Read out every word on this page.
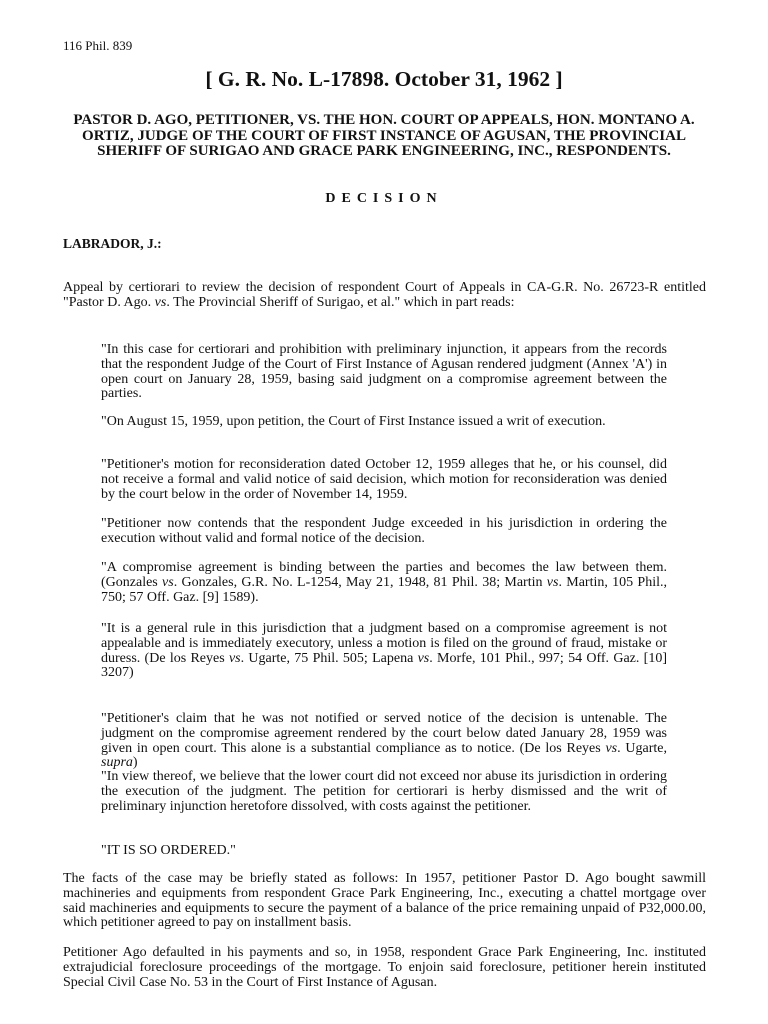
116 Phil. 839
[ G. R. No. L-17898. October 31, 1962 ]
PASTOR D. AGO, PETITIONER, VS. THE HON. COURT OP APPEALS, HON. MONTANO A. ORTIZ, JUDGE OF THE COURT OF FIRST INSTANCE OF AGUSAN, THE PROVINCIAL SHERIFF OF SURIGAO AND GRACE PARK ENGINEERING, INC., RESPONDENTS.
DECISION
LABRADOR, J.:

Appeal by certiorari to review the decision of respondent Court of Appeals in CA-G.R. No. 26723-R entitled "Pastor D. Ago. vs. The Provincial Sheriff of Surigao, et al." which in part reads:

"In this case for certiorari and prohibition with preliminary injunction, it appears from the records that the respondent Judge of the Court of First Instance of Agusan rendered judgment (Annex 'A') in open court on January 28, 1959, basing said judgment on a compromise agreement between the parties.

"On August 15, 1959, upon petition, the Court of First Instance issued a writ of execution.

"Petitioner's motion for reconsideration dated October 12, 1959 alleges that he, or his counsel, did not receive a formal and valid notice of said decision, which motion for reconsideration was denied by the court below in the order of November 14, 1959.

"Petitioner now contends that the respondent Judge exceeded in his jurisdiction in ordering the execution without valid and formal notice of the decision.

"A compromise agreement is binding between the parties and becomes the law between them. (Gonzales vs. Gonzales, G.R. No. L-1254, May 21, 1948, 81 Phil. 38; Martin vs. Martin, 105 Phil., 750; 57 Off. Gaz. [9] 1589).

"It is a general rule in this jurisdiction that a judgment based on a compromise agreement is not appealable and is immediately executory, unless a motion is filed on the ground of fraud, mistake or duress. (De los Reyes vs. Ugarte, 75 Phil. 505; Lapena vs. Morfe, 101 Phil., 997; 54 Off. Gaz. [10] 3207)

"Petitioner's claim that he was not notified or served notice of the decision is untenable. The judgment on the compromise agreement rendered by the court below dated January 28, 1959 was given in open court. This alone is a substantial compliance as to notice. (De los Reyes vs. Ugarte, supra)

"In view thereof, we believe that the lower court did not exceed nor abuse its jurisdiction in ordering the execution of the judgment. The petition for certiorari is herby dismissed and the writ of preliminary injunction heretofore dissolved, with costs against the petitioner.

"IT IS SO ORDERED."

The facts of the case may be briefly stated as follows: In 1957, petitioner Pastor D. Ago bought sawmill machineries and equipments from respondent Grace Park Engineering, Inc., executing a chattel mortgage over said machineries and equipments to secure the payment of a balance of the price remaining unpaid of P32,000.00, which petitioner agreed to pay on installment basis.

Petitioner Ago defaulted in his payments and so, in 1958, respondent Grace Park Engineering, Inc. instituted extrajudicial foreclosure proceedings of the mortgage. To enjoin said foreclosure, petitioner herein instituted Special Civil Case No. 53 in the Court of First Instance of Agusan.
